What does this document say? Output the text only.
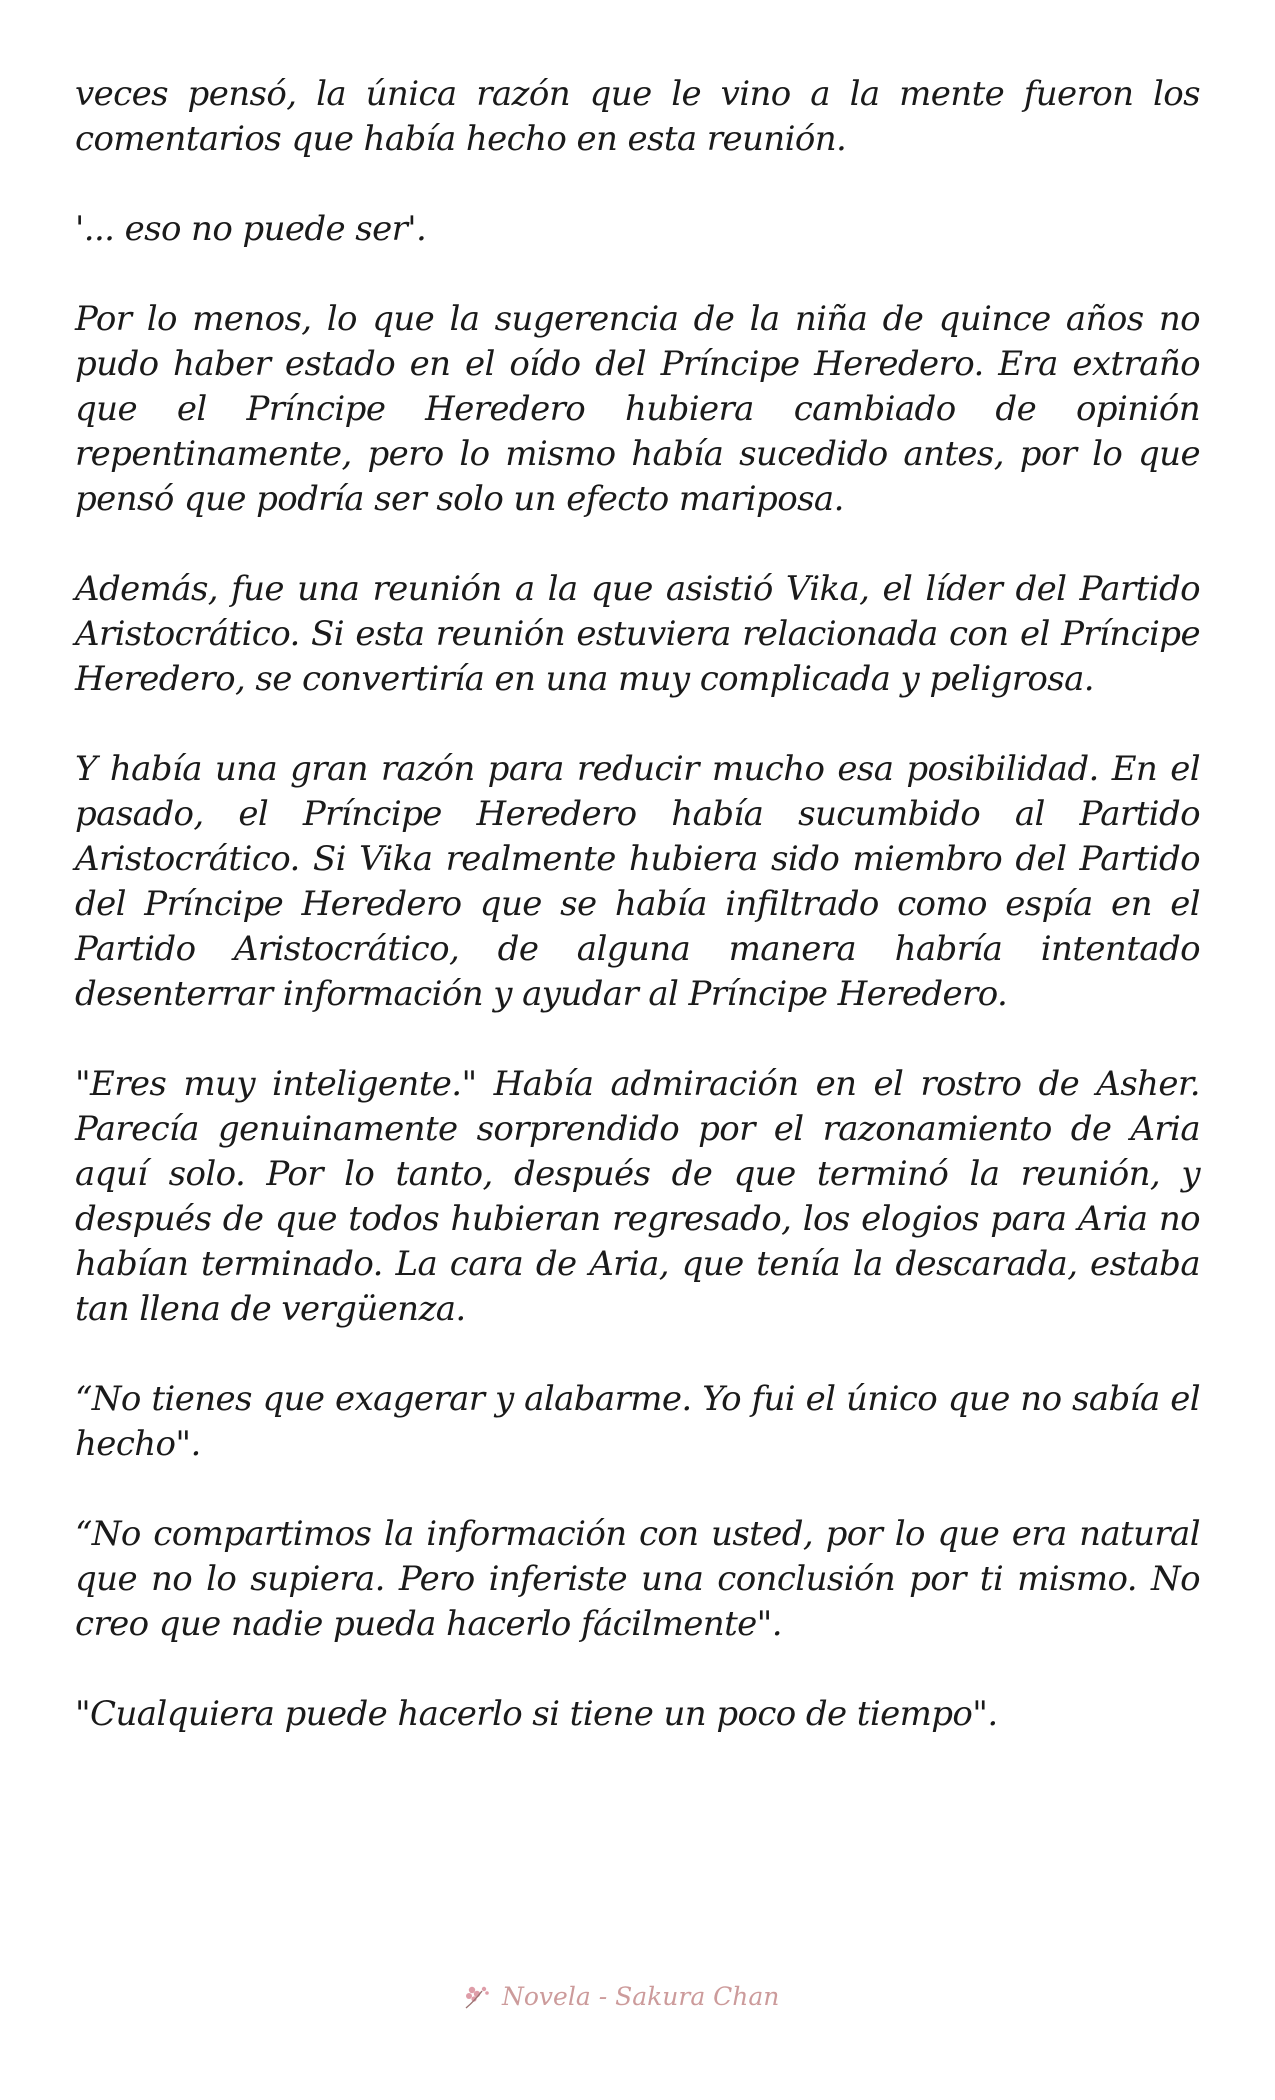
veces pensó, la única razón que le vino a la mente fueron los comentarios que había hecho en esta reunión.

'... eso no puede ser'.

Por lo menos, lo que la sugerencia de la niña de quince años no pudo haber estado en el oído del Príncipe Heredero. Era extraño que el Príncipe Heredero hubiera cambiado de opinión repentinamente, pero lo mismo había sucedido antes, por lo que pensó que podría ser solo un efecto mariposa.

Además, fue una reunión a la que asistió Vika, el líder del Partido Aristocrático. Si esta reunión estuviera relacionada con el Príncipe Heredero, se convertiría en una muy complicada y peligrosa.

Y había una gran razón para reducir mucho esa posibilidad. En el pasado, el Príncipe Heredero había sucumbido al Partido Aristocrático. Si Vika realmente hubiera sido miembro del Partido del Príncipe Heredero que se había infiltrado como espía en el Partido Aristocrático, de alguna manera habría intentado desenterrar información y ayudar al Príncipe Heredero.

"Eres muy inteligente." Había admiración en el rostro de Asher. Parecía genuinamente sorprendido por el razonamiento de Aria aquí solo. Por lo tanto, después de que terminó la reunión, y después de que todos hubieran regresado, los elogios para Aria no habían terminado. La cara de Aria, que tenía la descarada, estaba tan llena de vergüenza.

“No tienes que exagerar y alabarme. Yo fui el único que no sabía el hecho".

“No compartimos la información con usted, por lo que era natural que no lo supiera. Pero inferiste una conclusión por ti mismo. No creo que nadie pueda hacerlo fácilmente".

"Cualquiera puede hacerlo si tiene un poco de tiempo".

Novela - Sakura Chan
